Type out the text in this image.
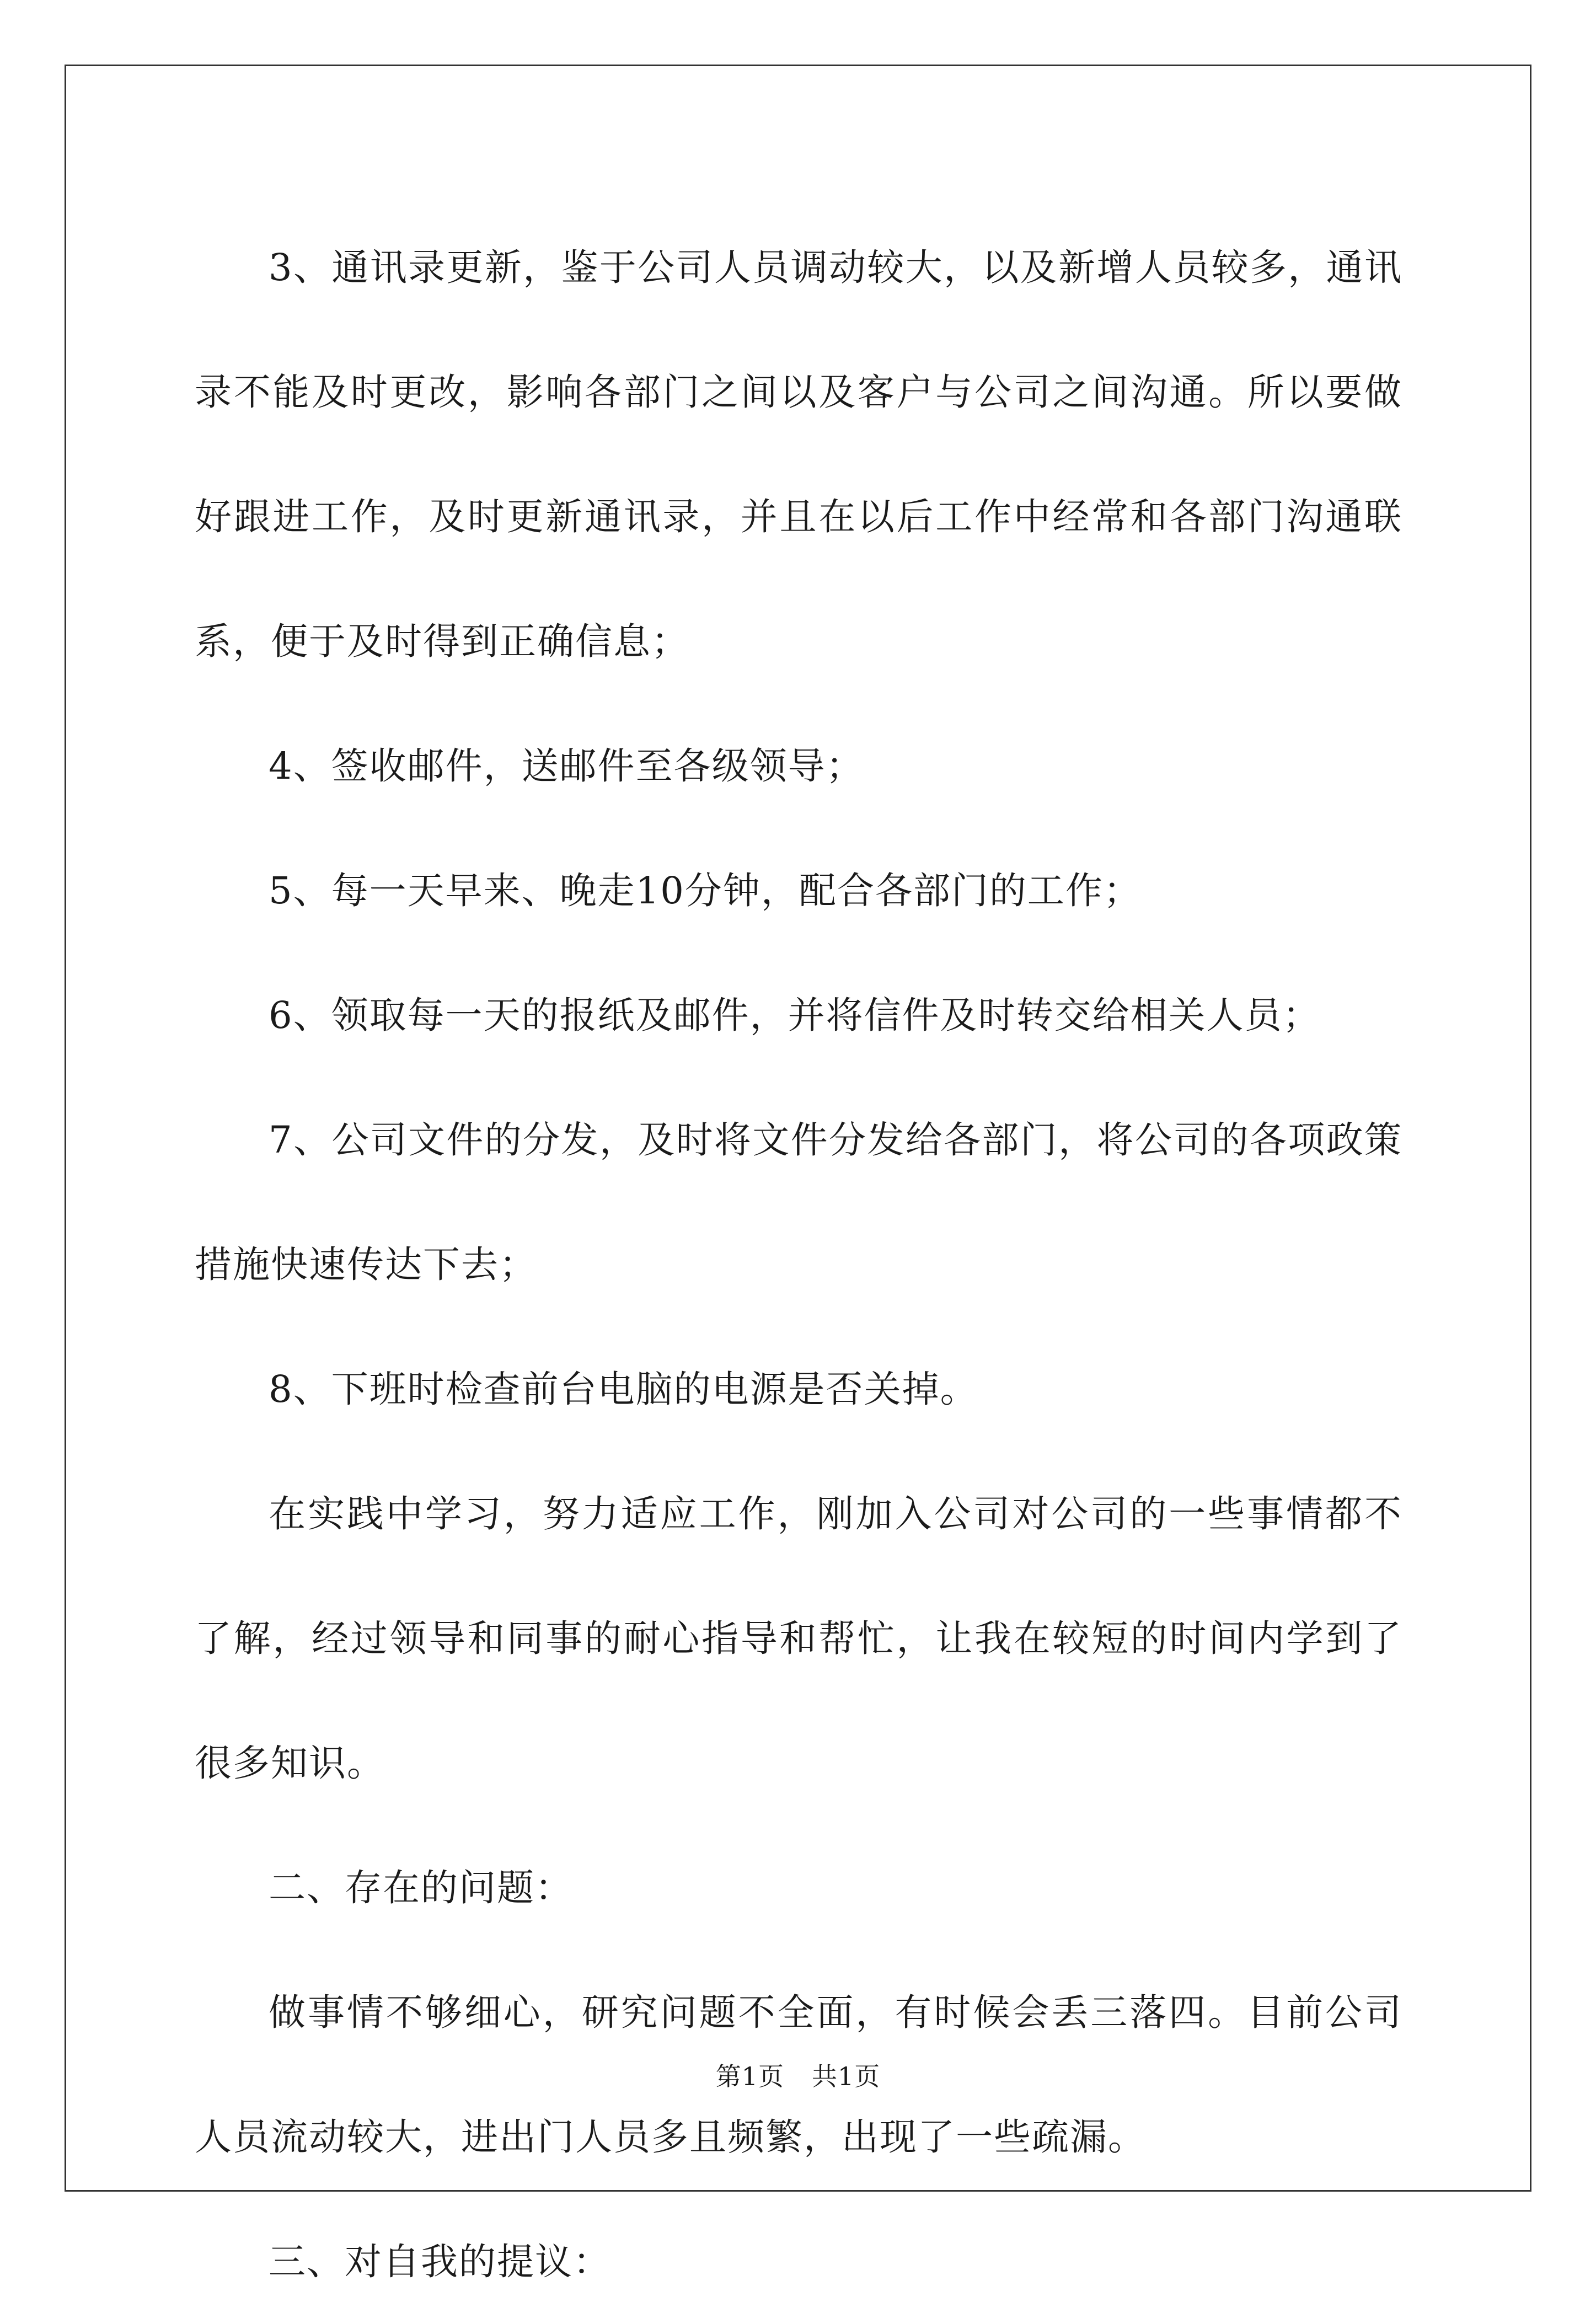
3、通讯录更新，鉴于公司人员调动较大，以及新增人员较多，通讯录不能及时更改，影响各部门之间以及客户与公司之间沟通。所以要做好跟进工作，及时更新通讯录，并且在以后工作中经常和各部门沟通联系，便于及时得到正确信息；

4、签收邮件，送邮件至各级领导；

5、每一天早来、晚走10分钟，配合各部门的工作；

6、领取每一天的报纸及邮件，并将信件及时转交给相关人员；

7、公司文件的分发，及时将文件分发给各部门，将公司的各项政策措施快速传达下去；

8、下班时检查前台电脑的电源是否关掉。

在实践中学习，努力适应工作，刚加入公司对公司的一些事情都不了解，经过领导和同事的耐心指导和帮忙，让我在较短的时间内学到了很多知识。

二、存在的问题：

做事情不够细心，研究问题不全面，有时候会丢三落四。目前公司人员流动较大，进出门人员多且频繁，出现了一些疏漏。

三、对自我的提议：

第1页 共1页
